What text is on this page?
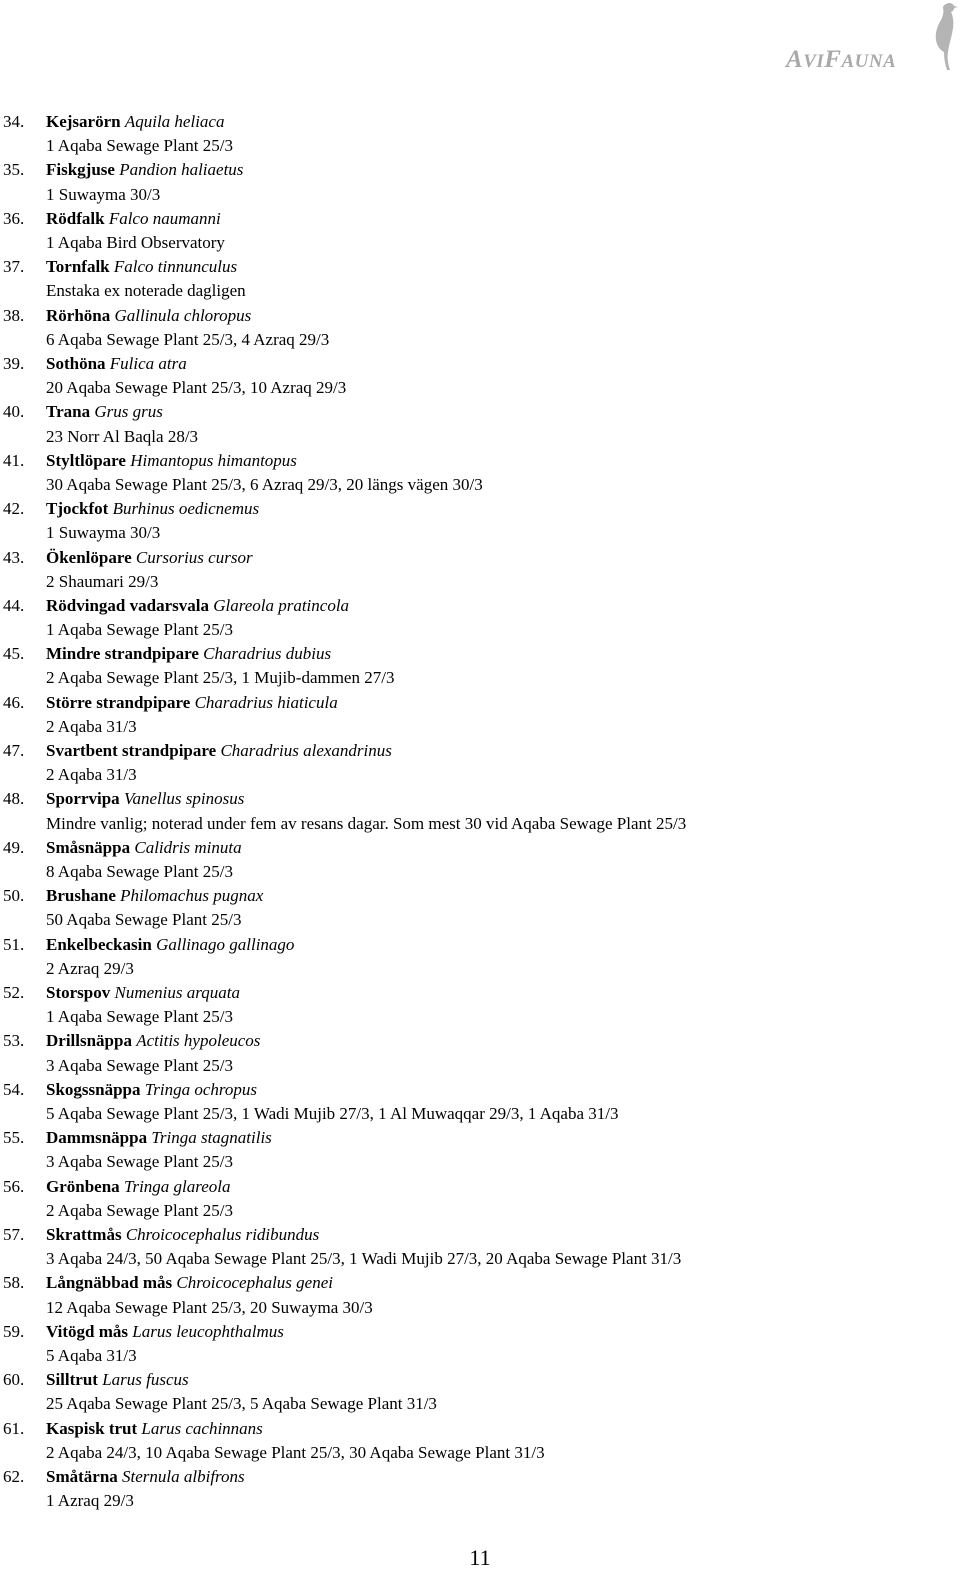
AVIFAUNA
34. Kejsarörn Aquila heliaca
1 Aqaba Sewage Plant 25/3
35. Fiskgjuse Pandion haliaetus
1 Suwayma 30/3
36. Rödfalk Falco naumanni
1 Aqaba Bird Observatory
37. Tornfalk Falco tinnunculus
Enstaka ex noterade dagligen
38. Rörhöna Gallinula chloropus
6 Aqaba Sewage Plant 25/3, 4 Azraq 29/3
39. Sothöna Fulica atra
20 Aqaba Sewage Plant 25/3, 10 Azraq 29/3
40. Trana Grus grus
23 Norr Al Baqla 28/3
41. Styltlöpare Himantopus himantopus
30 Aqaba Sewage Plant 25/3, 6 Azraq 29/3, 20 längs vägen 30/3
42. Tjockfot Burhinus oedicnemus
1 Suwayma 30/3
43. Ökenlöpare Cursorius cursor
2 Shaumari 29/3
44. Rödvingad vadarsvala Glareola pratincola
1 Aqaba Sewage Plant 25/3
45. Mindre strandpipare Charadrius dubius
2 Aqaba Sewage Plant 25/3, 1 Mujib-dammen 27/3
46. Större strandpipare Charadrius hiaticula
2 Aqaba 31/3
47. Svartbent strandpipare Charadrius alexandrinus
2 Aqaba 31/3
48. Sporrvipa Vanellus spinosus
Mindre vanlig; noterad under fem av resans dagar. Som mest 30 vid Aqaba Sewage Plant 25/3
49. Småsnäppa Calidris minuta
8 Aqaba Sewage Plant 25/3
50. Brushane Philomachus pugnax
50 Aqaba Sewage Plant 25/3
51. Enkelbeckasin Gallinago gallinago
2 Azraq 29/3
52. Storspov Numenius arquata
1 Aqaba Sewage Plant 25/3
53. Drillsnäppa Actitis hypoleucos
3 Aqaba Sewage Plant 25/3
54. Skogssnäppa Tringa ochropus
5 Aqaba Sewage Plant 25/3, 1 Wadi Mujib 27/3, 1 Al Muwaqqar 29/3, 1 Aqaba 31/3
55. Dammsnäppa Tringa stagnatilis
3 Aqaba Sewage Plant 25/3
56. Grönbena Tringa glareola
2 Aqaba Sewage Plant 25/3
57. Skrattmås Chroicocephalus ridibundus
3 Aqaba 24/3, 50 Aqaba Sewage Plant 25/3, 1 Wadi Mujib 27/3, 20 Aqaba Sewage Plant 31/3
58. Långnäbbad mås Chroicocephalus genei
12 Aqaba Sewage Plant 25/3, 20 Suwayma 30/3
59. Vitögd mås Larus leucophthalmus
5 Aqaba 31/3
60. Silltrut Larus fuscus
25 Aqaba Sewage Plant 25/3, 5 Aqaba Sewage Plant 31/3
61. Kaspisk trut Larus cachinnans
2 Aqaba 24/3, 10 Aqaba Sewage Plant 25/3, 30 Aqaba Sewage Plant 31/3
62. Småtärna Sternula albifrons
1 Azraq 29/3
11
